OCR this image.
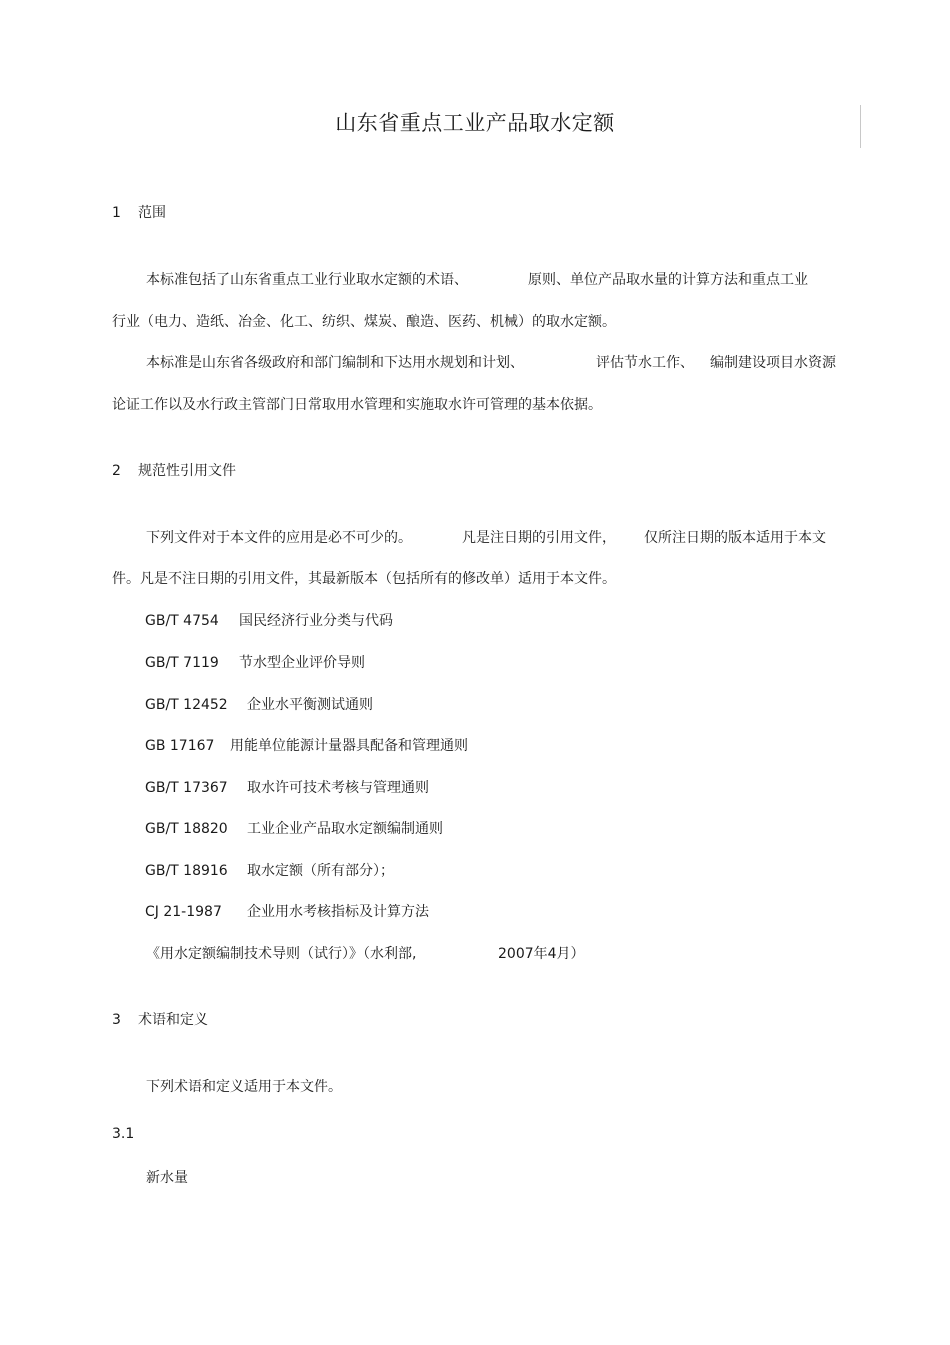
山东省重点工业产品取水定额
1 范围
本标准包括了山东省重点工业行业取水定额的术语、	原则、单位产品取水量的计算方法和重点工业
行业（电力、造纸、冶金、化工、纺织、煤炭、酿造、医药、机械）的取水定额。
本标准是山东省各级政府和部门编制和下达用水规划和计划、	评估节水工作、 编制建设项目水资源
论证工作以及水行政主管部门日常取用水管理和实施取水许可管理的基本依据。
2 规范性引用文件
下列文件对于本文件的应用是必不可少的。	凡是注日期的引用文件， 仅所注日期的版本适用于本文
件。凡是不注日期的引用文件，其最新版本（包括所有的修改单）适用于本文件。
GB/T 4754 国民经济行业分类与代码
GB/T 7119 节水型企业评价导则
GB/T 12452 企业水平衡测试通则
GB 17167 用能单位能源计量器具配备和管理通则
GB/T 17367 取水许可技术考核与管理通则
GB/T 18820 工业企业产品取水定额编制通则
GB/T 18916 取水定额（所有部分）；
CJ 21-1987 企业用水考核指标及计算方法
《用水定额编制技术导则（试行）》（水利部,	2007年4月）
3 术语和定义
下列术语和定义适用于本文件。
3.1
新水量
